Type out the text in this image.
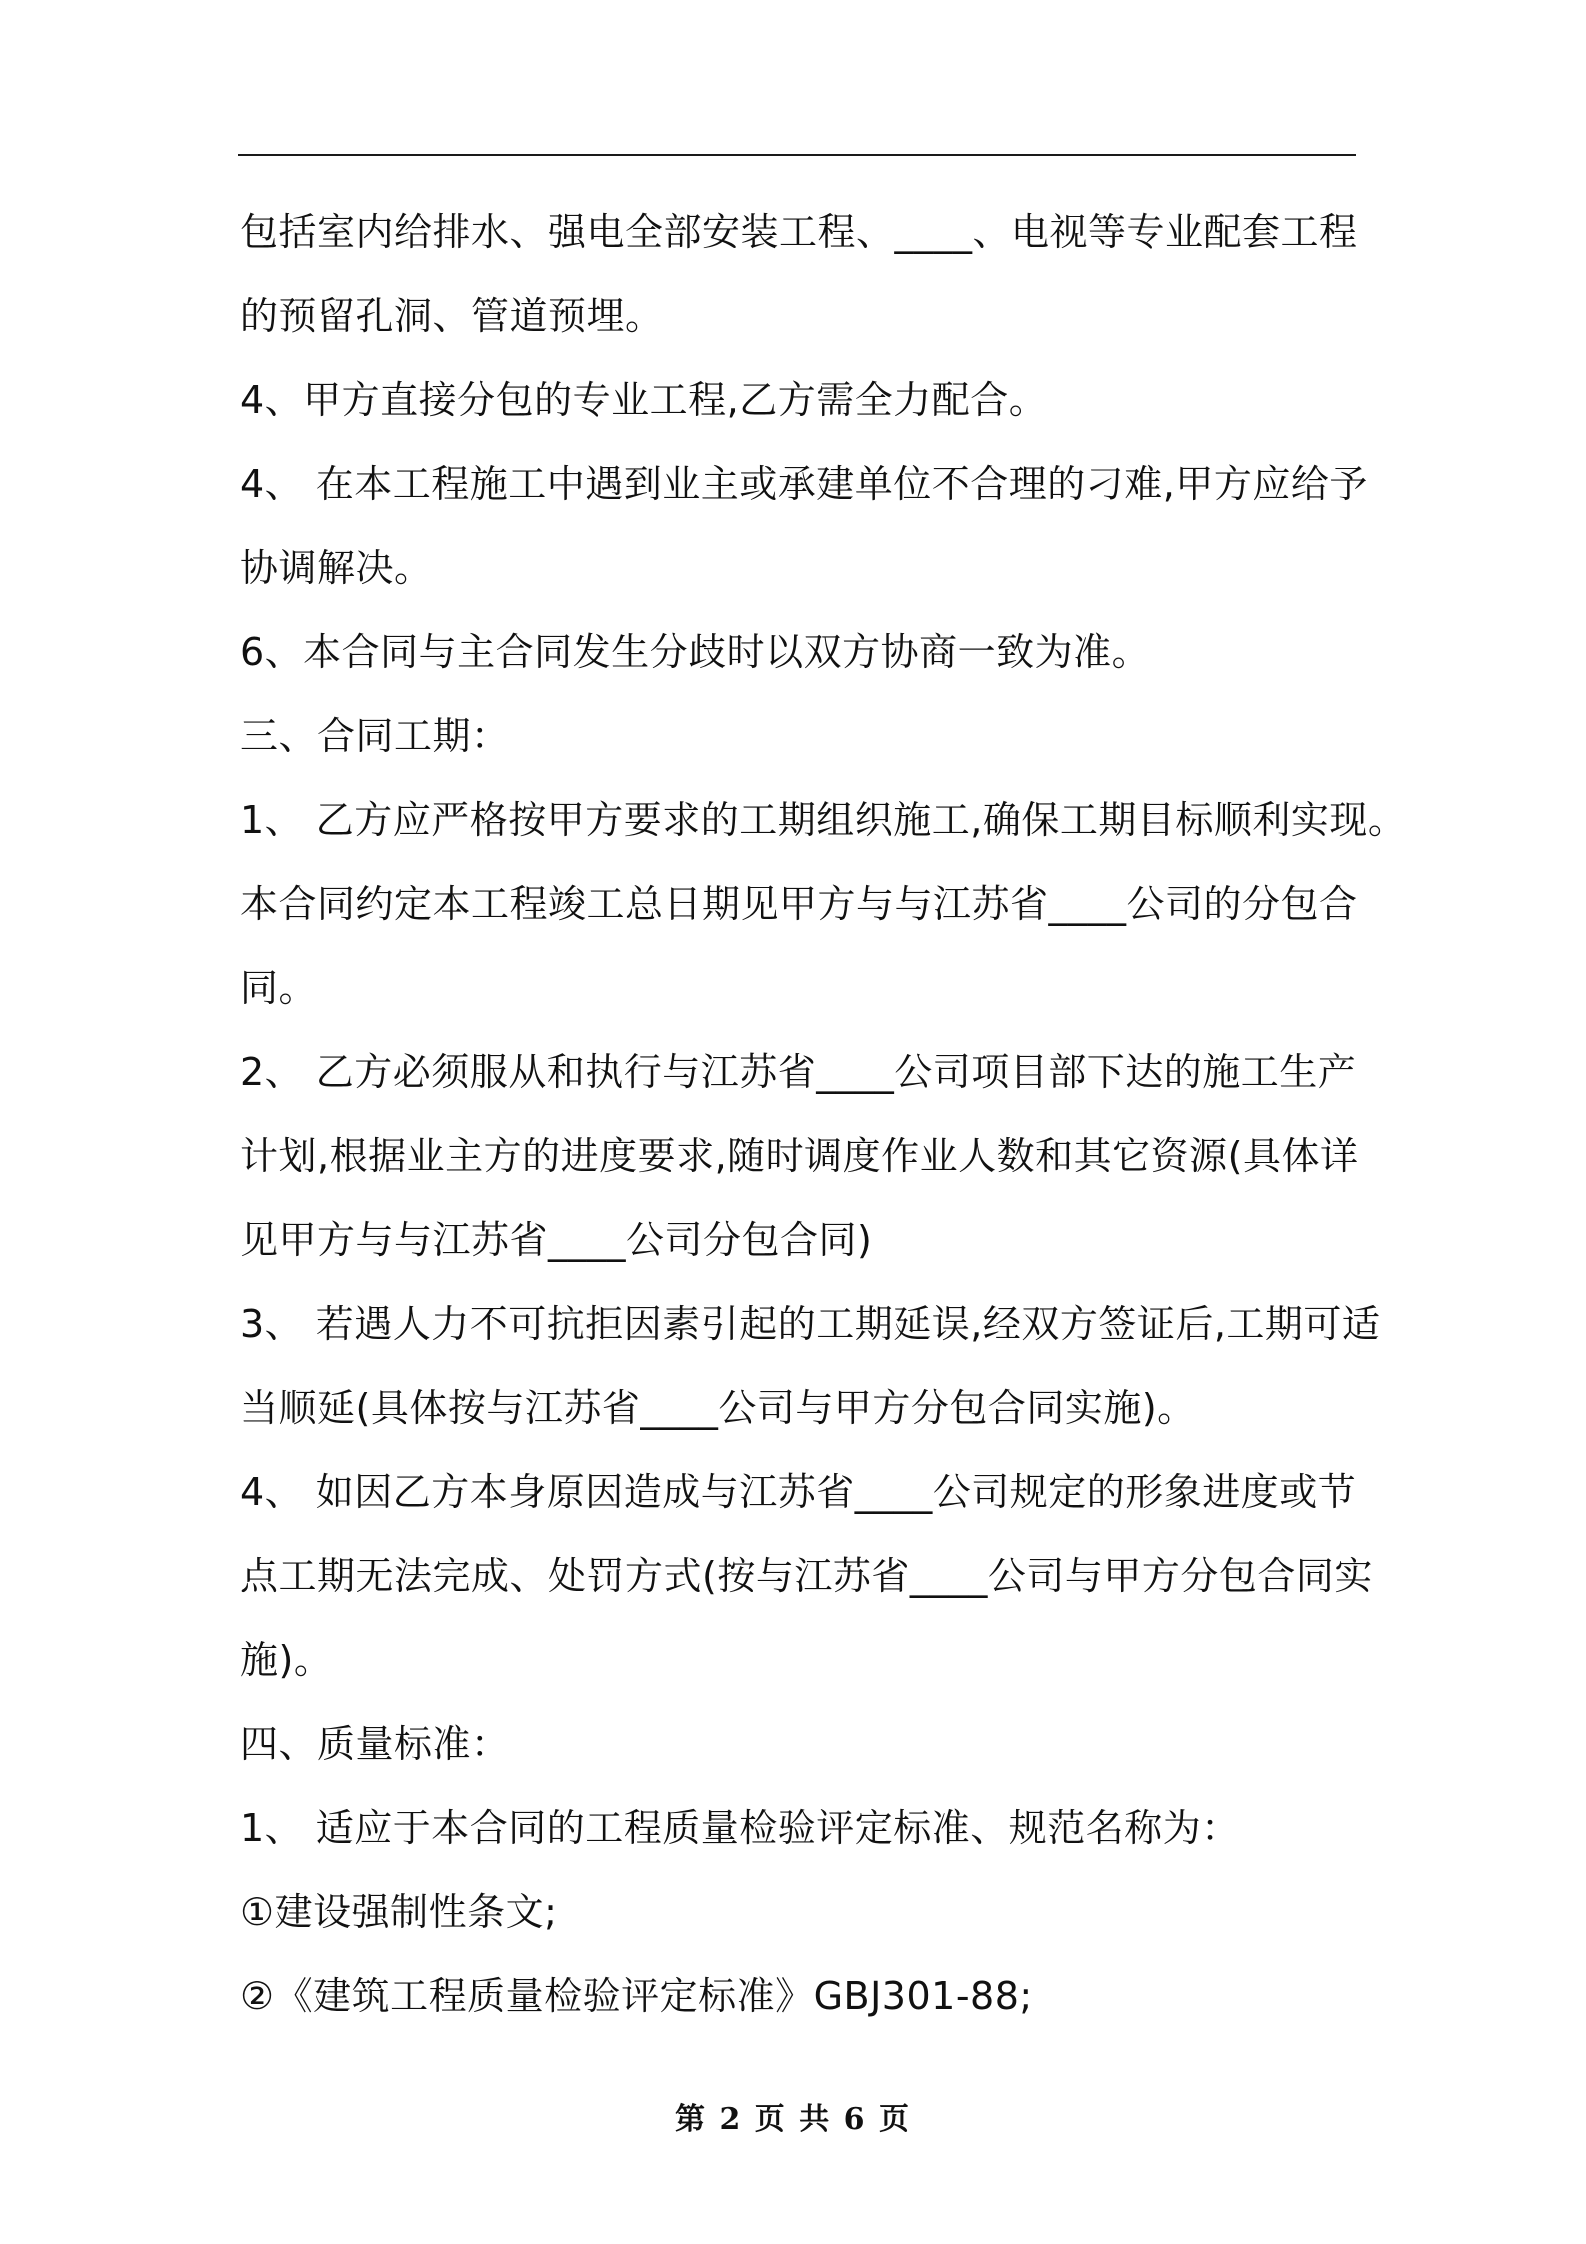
包括室内给排水、强电全部安装工程、____、电视等专业配套工程
的预留孔洞、管道预埋。
4、甲方直接分包的专业工程,乙方需全力配合。
4、 在本工程施工中遇到业主或承建单位不合理的刁难,甲方应给予
协调解决。
6、本合同与主合同发生分歧时以双方协商一致为准。
三、合同工期：
1、 乙方应严格按甲方要求的工期组织施工,确保工期目标顺利实现。
本合同约定本工程竣工总日期见甲方与与江苏省____公司的分包合
同。
2、 乙方必须服从和执行与江苏省____公司项目部下达的施工生产
计划,根据业主方的进度要求,随时调度作业人数和其它资源(具体详
见甲方与与江苏省____公司分包合同)
3、 若遇人力不可抗拒因素引起的工期延误,经双方签证后,工期可适
当顺延(具体按与江苏省____公司与甲方分包合同实施)。
4、 如因乙方本身原因造成与江苏省____公司规定的形象进度或节
点工期无法完成、处罚方式(按与江苏省____公司与甲方分包合同实
施)。
四、质量标准：
1、 适应于本合同的工程质量检验评定标准、规范名称为：
①建设强制性条文;
②《建筑工程质量检验评定标准》GBJ301-88;
第 2 页 共 6 页
